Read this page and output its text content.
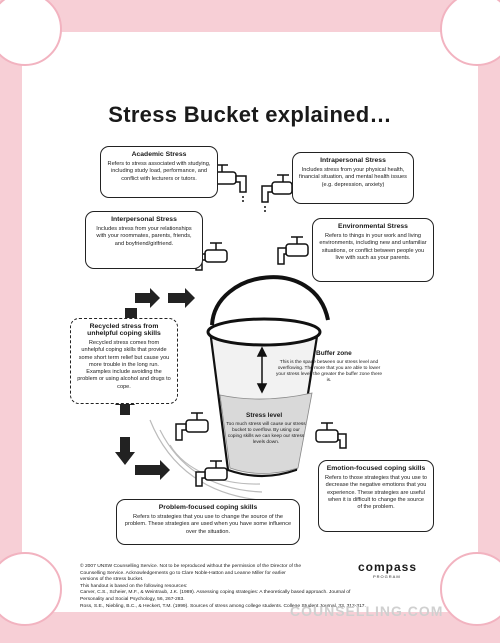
Stress Bucket explained…
Academic Stress

Refers to stress associated with studying, including study load, performance, and conflict with lecturers or tutors.

Intrapersonal Stress

Includes stress from your physical health, financial situation, and mental health issues (e.g. depression, anxiety)

Interpersonal Stress

Includes stress from your relationships with your roommates, parents, friends, and boyfriend/girlfriend.

Environmental Stress

Refers to things in your work and living environments, including new and unfamiliar situations, or conflict between people you live with such as your parents.

Recycled stress from unhelpful coping skills

Recycled stress comes from unhelpful coping skills that provide some short term relief but cause you more trouble in the long run. Examples include avoiding the problem or using alcohol and drugs to cope.

Emotion-focused coping skills

Refers to those strategies that you use to decrease the negative emotions that you experience. These strategies are useful when it is difficult to change the source of the problem.

Problem-focused coping skills

Refers to strategies that you use to change the source of the problem. These strategies are used when you have some influence over the situation.

Buffer zone
This is the space between our stress level and overflowing. The more that you are able to lower your stress level, the greater the buffer zone there is.
Stress level
Too much stress will cause our stress bucket to overflow. By using our coping skills we can keep our stress levels down.
© 2007 UNSW Counselling Service. Not to be reproduced without the permission of the Director of the
Counselling Service. Acknowledgements go to Clare Noble-Hatton and Leanne Miller for earlier
versions of the stress bucket.
This handout is based on the following resources:
Carver, C.S., Scheier, M.F., & Weintraub, J.K. (1989). Assessing coping strategies: A theoretically based approach. Journal of
Personality and Social Psychology, 56, 267-283.
Ross, S.E., Niebling, B.C., & Heckert, T.M. (1999). Sources of stress among college students. College Student Journal, 33, 312-317.
compass
PROGRAM
COUNSELLING.COM
